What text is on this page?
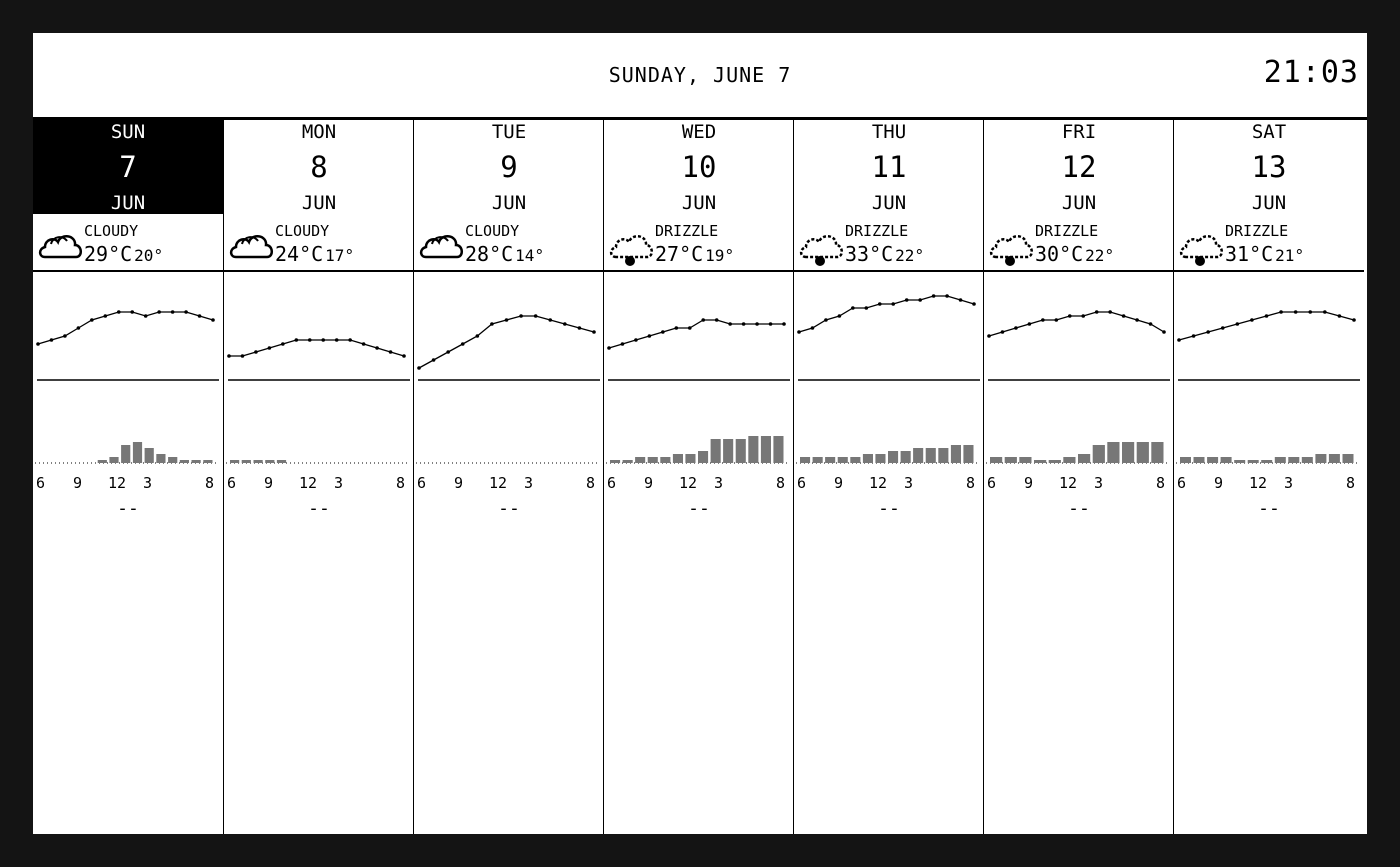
SUNDAY, JUNE 7	21:03
SUN
7
JUN
CLOUDY
29°C 20°
--
6 9 12 3	8
MON
8
JUN
CLOUDY
24°C 17°
--
6 9 12 3	8
TUE
9
JUN
CLOUDY
28°C 14°
--
6 9 12 3	8
WED
10
JUN
DRIZZLE
27°C 19°
--
6 9 12 3	8
THU
11
JUN
DRIZZLE
33°C 22°
--
6 9 12 3	8
FRI
12
JUN
DRIZZLE
30°C 22°
--
6 9 12 3	8
SAT
13
JUN
DRIZZLE
31°C 21°
--
6 9 12 3	8
